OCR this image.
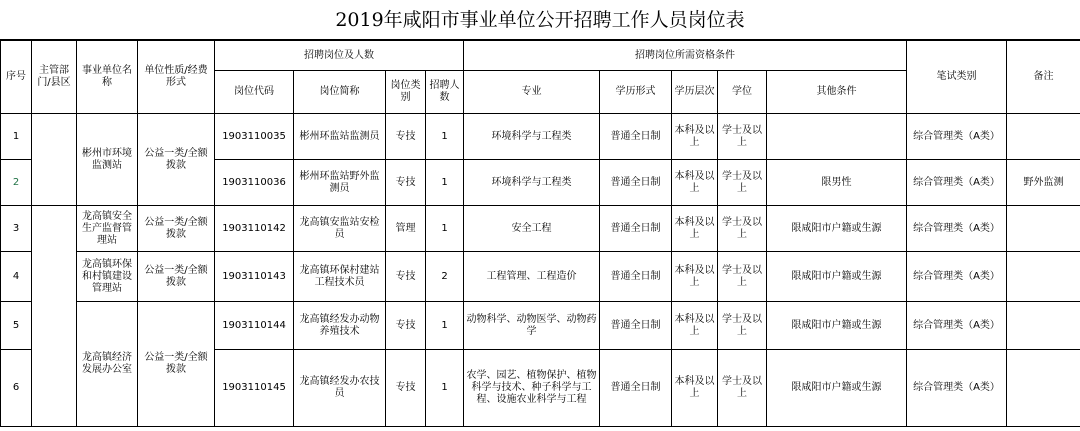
2019年咸阳市事业单位公开招聘工作人员岗位表
序号	主管部门/县区	事业单位名称	单位性质/经费形式	招聘岗位及人数				招聘岗位所需资格条件					笔试类别	备注
				岗位代码	岗位简称	岗位类别	招聘人数	专业	学历形式	学历层次	学位	其他条件		
1		彬州市环境监测站	公益一类/全额拨款	1903110035	彬州环监站监测员	专技	1	环境科学与工程类	普通全日制	本科及以上	学士及以上		综合管理类（A类）	
2				1903110036	彬州环监站野外监测员	专技	1	环境科学与工程类	普通全日制	本科及以上	学士及以上	限男性	综合管理类（A类）	野外监测
3		龙高镇安全生产监督管理站	公益一类/全额拨款	1903110142	龙高镇安监站安检员	管理	1	安全工程	普通全日制	本科及以上	学士及以上	限咸阳市户籍或生源	综合管理类（A类）	
4		龙高镇环保和村镇建设管理站	公益一类/全额拨款	1903110143	龙高镇环保村建站工程技术员	专技	2	工程管理、工程造价	普通全日制	本科及以上	学士及以上	限咸阳市户籍或生源	综合管理类（A类）	
5		龙高镇经济发展办公室	公益一类/全额拨款	1903110144	龙高镇经发办动物养殖技术	专技	1	动物科学、动物医学、动物药学	普通全日制	本科及以上	学士及以上	限咸阳市户籍或生源	综合管理类（A类）	
6				1903110145	龙高镇经发办农技员	专技	1	农学、园艺、植物保护、植物科学与技术、种子科学与工程、设施农业科学与工程	普通全日制	本科及以上	学士及以上	限咸阳市户籍或生源	综合管理类（A类）	
